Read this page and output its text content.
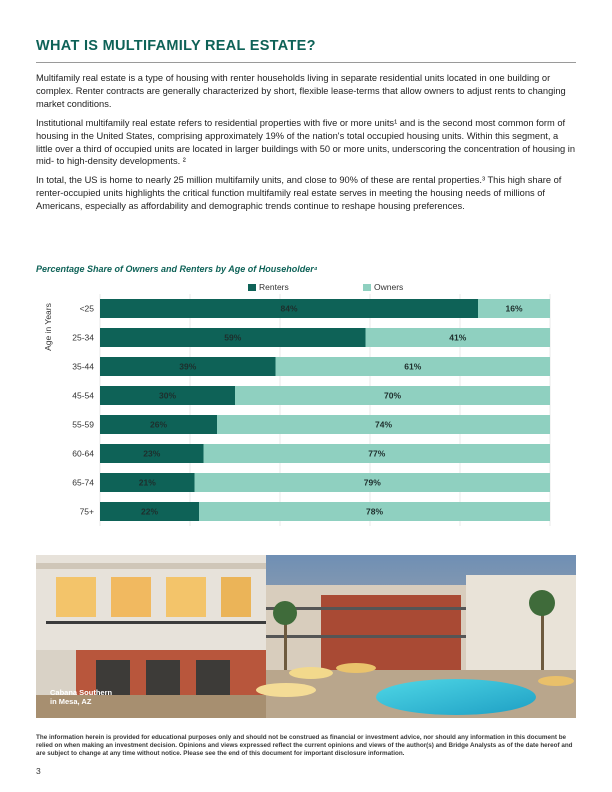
WHAT IS MULTIFAMILY REAL ESTATE?

Multifamily real estate is a type of housing with renter households living in separate residential units located in one building or complex. Renter contracts are generally characterized by short, flexible lease-terms that allow owners to adjust rents to changing market conditions.

Institutional multifamily real estate refers to residential properties with five or more units¹ and is the second most common form of housing in the United States, comprising approximately 19% of the nation's total occupied housing units. Within this segment, a little over a third of occupied units are located in larger buildings with 50 or more units, underscoring the concentration of housing in mid- to high-density developments. ²

In total, the US is home to nearly 25 million multifamily units, and close to 90% of these are rental properties.³ This high share of renter-occupied units highlights the critical function multifamily real estate serves in meeting the housing needs of millions of Americans, especially as affordability and demographic trends continue to reshape housing preferences.

Percentage Share of Owners and Renters by Age of Householder⁴
Renters	Owners
Age in Years	<25	84%	16%
25-34	59%	41%
35-44	39%	61%
45-54	30%	70%
55-59	26%	74%
60-64	23%	77%
65-74	21%	79%
75+	22%	78%
Cabana Southern
in Mesa, AZ
The information herein is provided for educational purposes only and should not be construed as financial or investment advice, nor should any information in this document be relied on when making an investment decision. Opinions and views expressed reflect the current opinions and views of the author(s) and Bridge Analysts as of the date hereof and are subject to change at any time without notice. Please see the end of this document for important disclosure information.
3
